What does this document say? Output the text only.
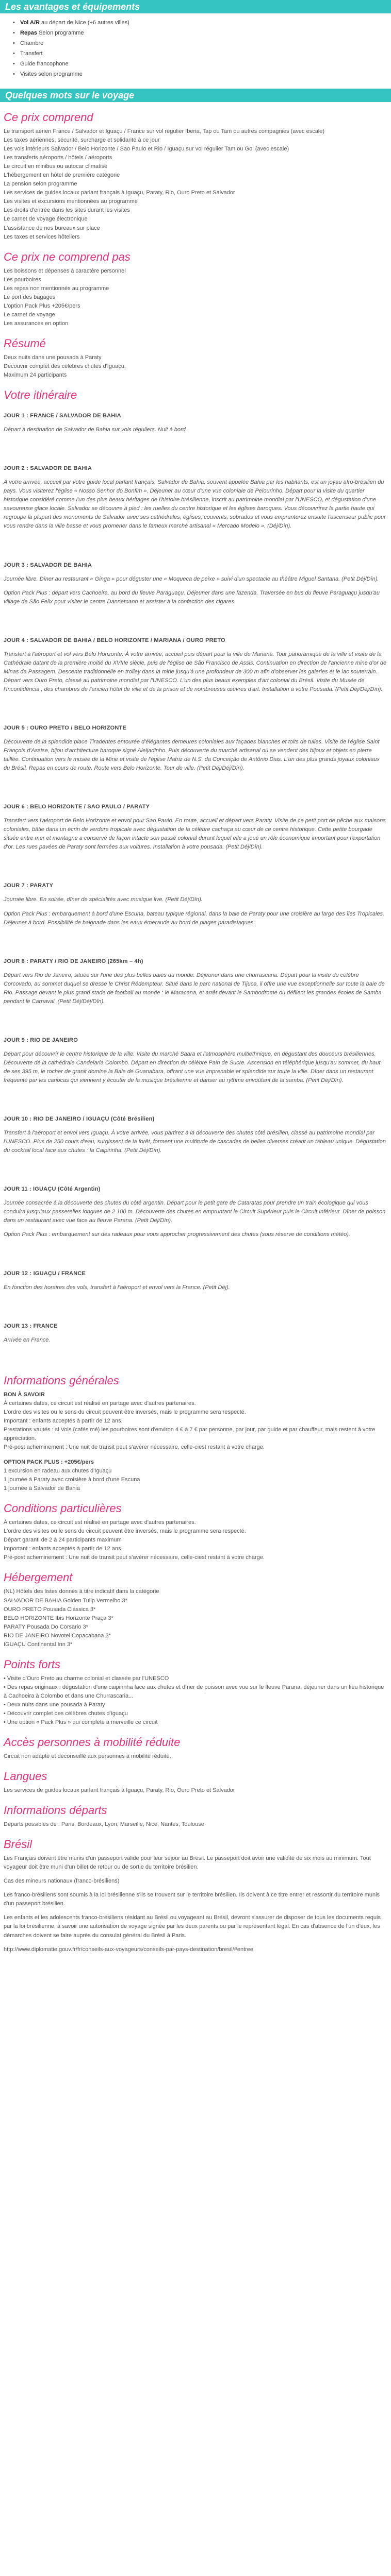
Les avantages et équipements
• Vol A/R au départ de Nice (+6 autres villes)
• Repas Selon programme
• Chambre
• Transfert
• Guide francophone
• Visites selon programme
Quelques mots sur le voyage
Ce prix comprend
Le transport aérien France / Salvador et Iguaçu / France sur vol régulier Iberia, Tap ou Tam ou autres compagnies (avec escale)
Les taxes aériennes, sécurité, surcharge et solidarité à ce jour
Les vols intérieurs Salvador / Belo Horizonte / Sao Paulo et Rio / Iguaçu sur vol régulier Tam ou Gol (avec escale)
Les transferts aéroports / hôtels / aéroports
Le circuit en minibus ou autocar climatisé
L'hébergement en hôtel de première catégorie
La pension selon programme
Les services de guides locaux parlant français à Iguaçu, Paraty, Rio, Ouro Preto et Salvador
Les visites et excursions mentionnées au programme
Les droits d'entrée dans les sites durant les visites
Le carnet de voyage électronique
L'assistance de nos bureaux sur place
Les taxes et services hôteliers
Ce prix ne comprend pas
Les boissons et dépenses à caractère personnel
Les pourboires
Les repas non mentionnés au programme
Le port des bagages
L'option Pack Plus +205€/pers
Le carnet de voyage
Les assurances en option
Résumé
Deux nuits dans une pousada à Paraty
Découvrir complet des célèbres chutes d'Iguaçu.
Maximum 24 participants
Votre itinéraire
JOUR 1 : FRANCE / SALVADOR DE BAHIA

Départ à destination de Salvador de Bahia sur vols réguliers. Nuit à bord.

JOUR 2 : SALVADOR DE BAHIA

À votre arrivée, accueil par votre guide local parlant français. Salvador de Bahia, souvent appelée Bahia par les habitants, est un joyau afro-brésilien du pays. Vous visiterez l'église « Nosso Senhor do Bonfim ». Déjeuner au cœur d'une vue coloniale de Pelourinho. Départ pour la visite du quartier historique considéré comme l'un des plus beaux héritages de l'histoire brésilienne, inscrit au patrimoine mondial par l'UNESCO, et dégustation d'une savoureuse glace locale. Salvador se découvre à pied : les ruelles du centre historique et les églises baroques. Vous découvrirez la partie haute qui regroupe la plupart des monuments de Salvador avec ses cathédrales, églises, couvents, sobrados et vous emprunterez ensuite l'ascenseur public pour vous rendre dans la ville basse et vous promener dans le fameux marché artisanal « Mercado Modelo ». (Déj/Dîn).

JOUR 3 : SALVADOR DE BAHIA

Journée libre. Dîner au restaurant « Ginga » pour déguster une « Moqueca de peixe » suivi d'un spectacle au théâtre Miguel Santana. (Petit Déj/Dîn).

Option Pack Plus : départ vers Cachoeira, au bord du fleuve Paraguaçu. Déjeuner dans une fazenda. Traversée en bus du fleuve Paraguaçu jusqu'au village de São Felix pour visiter le centre Dannemann et assister à la confection des cigares.

JOUR 4 : SALVADOR DE BAHIA / BELO HORIZONTE / MARIANA / OURO PRETO

Transfert à l'aéroport et vol vers Belo Horizonte. À votre arrivée, accueil puis départ pour la ville de Mariana. Tour panoramique de la ville et visite de la Cathédrale datant de la première moitié du XVIIIe siècle, puis de l'église de São Francisco de Assis. Continuation en direction de l'ancienne mine d'or de Minas da Passagem. Descente traditionnelle en trolley dans la mine jusqu'à une profondeur de 300 m afin d'observer les galeries et le lac souterrain. Départ vers Ouro Preto, classé au patrimoine mondial par l'UNESCO. L'un des plus beaux exemples d'art colonial du Brésil. Visite du Musée de l'Inconfidência ; des chambres de l'ancien hôtel de ville et de la prison et de nombreuses œuvres d'art. Installation à votre Pousada. (Petit Déj/Déj/Dîn).

JOUR 5 : OURO PRETO / BELO HORIZONTE

Découverte de la splendide place Tiradentes entourée d'élégantes demeures coloniales aux façades blanches et toits de tuiles. Visite de l'église Saint François d'Assise, bijou d'architecture baroque signé Aleijadinho. Puis découverte du marché artisanal où se vendent des bijoux et objets en pierre taillée. Continuation vers le musée de la Mine et visite de l'église Matriz de N.S. da Conceição de Antônio Dias. L'un des plus grands joyaux coloniaux du Brésil. Repas en cours de route. Route vers Belo Horizonte. Tour de ville. (Petit Déj/Déj/Dîn).

JOUR 6 : BELO HORIZONTE / SAO PAULO / PARATY

Transfert vers l'aéroport de Belo Horizonte et envol pour Sao Paulo. En route, accueil et départ vers Paraty. Visite de ce petit port de pêche aux maisons coloniales, bâtie dans un écrin de verdure tropicale avec dégustation de la célèbre cachaça au cœur de ce centre historique. Cette petite bourgade située entre mer et montagne a conservé de façon intacte son passé colonial durant lequel elle a joué un rôle économique important pour l'exportation d'or. Les rues pavées de Paraty sont fermées aux voitures. Installation à votre pousada. (Petit Déj/Dîn).

JOUR 7 : PARATY

Journée libre. En soirée, dîner de spécialités avec musique live. (Petit Déj/Dîn).

Option Pack Plus : embarquement à bord d'une Escuna, bateau typique régional, dans la baie de Paraty pour une croisière au large des îles Tropicales. Déjeuner à bord. Possibilité de baignade dans les eaux émeraude au bord de plages paradisiaques.

JOUR 8 : PARATY / RIO DE JANEIRO (265km – 4h)

Départ vers Rio de Janeiro, située sur l'une des plus belles baies du monde. Déjeuner dans une churrascaria. Départ pour la visite du célèbre Corcovado, au sommet duquel se dresse le Christ Rédempteur. Situé dans le parc national de Tijuca, il offre une vue exceptionnelle sur toute la baie de Rio. Passage devant le plus grand stade de football au monde : le Maracana, et arrêt devant le Sambodrome où défilent les grandes écoles de Samba pendant le Carnaval. (Petit Déj/Déj/Dîn).

JOUR 9 : RIO DE JANEIRO

Départ pour découvrir le centre historique de la ville. Visite du marché Saara et l'atmosphère multiethnique, en dégustant des douceurs brésiliennes. Découverte de la cathédrale Candelaria Colombo. Départ en direction du célèbre Pain de Sucre. Ascension en téléphérique jusqu'au sommet, du haut de ses 395 m, le rocher de granit domine la Baie de Guanabara, offrant une vue imprenable et splendide sur toute la ville. Dîner dans un restaurant fréquenté par les cariocas qui viennent y écouter de la musique brésilienne et danser au rythme envoûtant de la samba. (Petit Déj/Dîn).

JOUR 10 : RIO DE JANEIRO / IGUAÇU (Côté Brésilien)

Transfert à l'aéroport et envol vers Iguaçu. À votre arrivée, vous partirez à la découverte des chutes côté brésilien, classé au patrimoine mondial par l'UNESCO. Plus de 250 cours d'eau, surgissent de la forêt, forment une multitude de cascades de belles diverses créant un tableau unique. Dégustation du cocktail local face aux chutes : la Caipirinha. (Petit Déj/Dîn).

JOUR 11 : IGUAÇU (Côté Argentin)

Journée consacrée à la découverte des chutes du côté argentin. Départ pour le petit gare de Cataratas pour prendre un train écologique qui vous conduira jusqu'aux passerelles longues de 2 100 m. Découverte des chutes en empruntant le Circuit Supérieur puis le Circuit Inférieur. Dîner de poisson dans un restaurant avec vue face au fleuve Parana. (Petit Déj/Dîn).

Option Pack Plus : embarquement sur des radeaux pour vous approcher progressivement des chutes (sous réserve de conditions météo).

JOUR 12 : IGUAÇU / FRANCE

En fonction des horaires des vols, transfert à l'aéroport et envol vers la France. (Petit Déj).

JOUR 13 : FRANCE

Arrivée en France.

Informations générales
BON À SAVOIR
À certaines dates, ce circuit est réalisé en partage avec d'autres partenaires.
L'ordre des visites ou le sens du circuit peuvent être inversés, mais le programme sera respecté.
Important : enfants acceptés à partir de 12 ans.
Prestations vautés : si Vols (cafés mé) les pourboires sont d'environ 4 € à 7 € par personne, par jour, par guide et par chauffeur, mais restent à votre appréciation.
Pré-post acheminement : Une nuit de transit peut s'avérer nécessaire, celle-ciest restant à votre charge.
OPTION PACK PLUS : +205€/pers
1 excursion en radeau aux chutes d'Iguaçu
1 journée à Paraty avec croisière à bord d'une Escuna
1 journée à Salvador de Bahia
Conditions particulières
À certaines dates, ce circuit est réalisé en partage avec d'autres partenaires.
L'ordre des visites ou le sens du circuit peuvent être inversés, mais le programme sera respecté.
Départ garanti de 2 à 24 participants maximum
Important : enfants acceptés à partir de 12 ans.
Pré-post acheminement : Une nuit de transit peut s'avérer nécessaire, celle-ciest restant à votre charge.
Hébergement
(NL) Hôtels des listes donnés à titre indicatif dans la catégorie
SALVADOR DE BAHIA Golden Tulip Vermelho 3*
OURO PRETO Pousada Clássica 3*
BELO HORIZONTE Ibis Horizonte Praça 3*
PARATY Pousada Do Corsario 3*
RIO DE JANEIRO Novotel Copacabana 3*
IGUAÇU Continental Inn 3*
Points forts
• Visite d'Ouro Preto au charme colonial et classée par l'UNESCO
• Des repas originaux : dégustation d'une caipirinha face aux chutes et dîner de poisson avec vue sur le fleuve Parana, déjeuner dans un lieu historique à Cachoeira à Colombo et dans une Churrascaria...
• Deux nuits dans une pousada à Paraty
• Découvrir complet des célèbres chutes d'Iguaçu
• Une option « Pack Plus » qui complète à merveille ce circuit
Accès personnes à mobilité réduite
Circuit non adapté et déconseillé aux personnes à mobilité réduite.
Langues
Les services de guides locaux parlant français à Iguaçu, Paraty, Rio, Ouro Preto et Salvador
Informations départs
Départs possibles de : Paris, Bordeaux, Lyon, Marseille, Nice, Nantes, Toulouse
Brésil
Les Français doivent être munis d'un passeport valide pour leur séjour au Brésil. Le passeport doit avoir une validité de six mois au minimum. Tout voyageur doit être muni d'un billet de retour ou de sortie du territoire brésilien.
Cas des mineurs nationaux (franco-brésiliens)
Les franco-brésiliens sont soumis à la loi brésilienne s'ils se trouvent sur le territoire brésilien. Ils doivent à ce titre entrer et ressortir du territoire munis d'un passeport brésilien.
Les enfants et les adolescents franco-brésiliens résidant au Brésil ou voyageant au Brésil, devront s'assurer de disposer de tous les documents requis par la loi brésilienne, à savoir une autorisation de voyage signée par les deux parents ou par le représentant légal. En cas d'absence de l'un d'eux, les démarches doivent se faire auprès du consulat général du Brésil à Paris.
http://www.diplomatie.gouv.fr/fr/conseils-aux-voyageurs/conseils-par-pays-destination/bresil/#entree
